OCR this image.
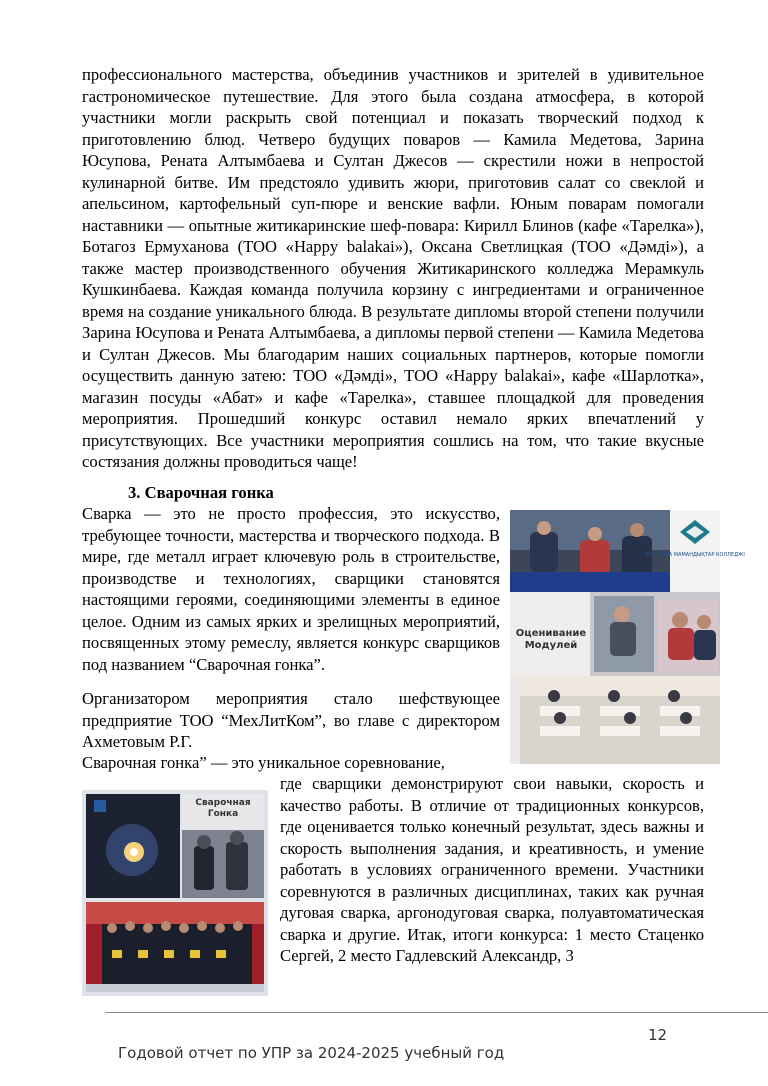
профессионального мастерства, объединив участников и зрителей в удивительное гастрономическое путешествие. Для этого была создана атмосфера, в которой участники могли раскрыть свой потенциал и показать творческий подход к приготовлению блюд. Четверо будущих поваров — Камила Медетова, Зарина Юсупова, Рената Алтымбаева и Султан Джесов — скрестили ножи в непростой кулинарной битве. Им предстояло удивить жюри, приготовив салат со свеклой и апельсином, картофельный суп-пюре и венские вафли. Юным поварам помогали наставники — опытные житикаринские шеф-повара: Кирилл Блинов (кафе «Тарелка»), Ботагоз Ермуханова (ТОО «Happy balakai»), Оксана Светлицкая (ТОО «Дәмді»), а также мастер производственного обучения Житикаринского колледжа Мерамкуль Кушкинбаева. Каждая команда получила корзину с ингредиентами и ограниченное время на создание уникального блюда. В результате дипломы второй степени получили Зарина Юсупова и Рената Алтымбаева, а дипломы первой степени — Камила Медетова и Султан Джесов. Мы благодарим наших социальных партнеров, которые помогли осуществить данную затею: ТОО «Дәмді», ТОО «Happy balakai», кафе «Шарлотка», магазин посуды «Абат» и кафе «Тарелка», ставшее площадкой для проведения мероприятия. Прошедший конкурс оставил немало ярких впечатлений у присутствующих. Все участники мероприятия сошлись на том, что такие вкусные состязания должны проводиться чаще!

3. Сварочная гонка

Сварка — это не просто профессия, это искусство, требующее точности, мастерства и творческого подхода. В мире, где металл играет ключевую роль в строительстве, производстве и технологиях, сварщики становятся настоящими героями, соединяющими элементы в единое целое. Одним из самых ярких и зрелищных мероприятий, посвященных этому ремеслу, является конкурс сварщиков под названием “Сварочная гонка”.

Организатором мероприятия стало шефствующее предприятие ТОО “МехЛитКом”, во главе с директором Ахметовым Р.Г.

Сварочная гонка” — это уникальное соревнование,

где сварщики демонстрируют свои навыки, скорость и качество работы. В отличие от традиционных конкурсов, где оценивается только конечный результат, здесь важны и скорость выполнения задания, и креативность, и умение работать в условиях ограниченного времени. Участники соревнуются в различных дисциплинах, таких как ручная дуговая сварка, аргонодуговая сварка, полуавтоматическая сварка и другие. Итак, итоги конкурса: 1 место Стаценко Сергей, 2 место Гадлевский Александр, 3

ЖИТІҚАРА МАМАНДЫҚТАР КОЛЛЕДЖІ
Оценивание Модулей
Сварочная Гонка
12
Годовой отчет по УПР за 2024-2025 учебный год
